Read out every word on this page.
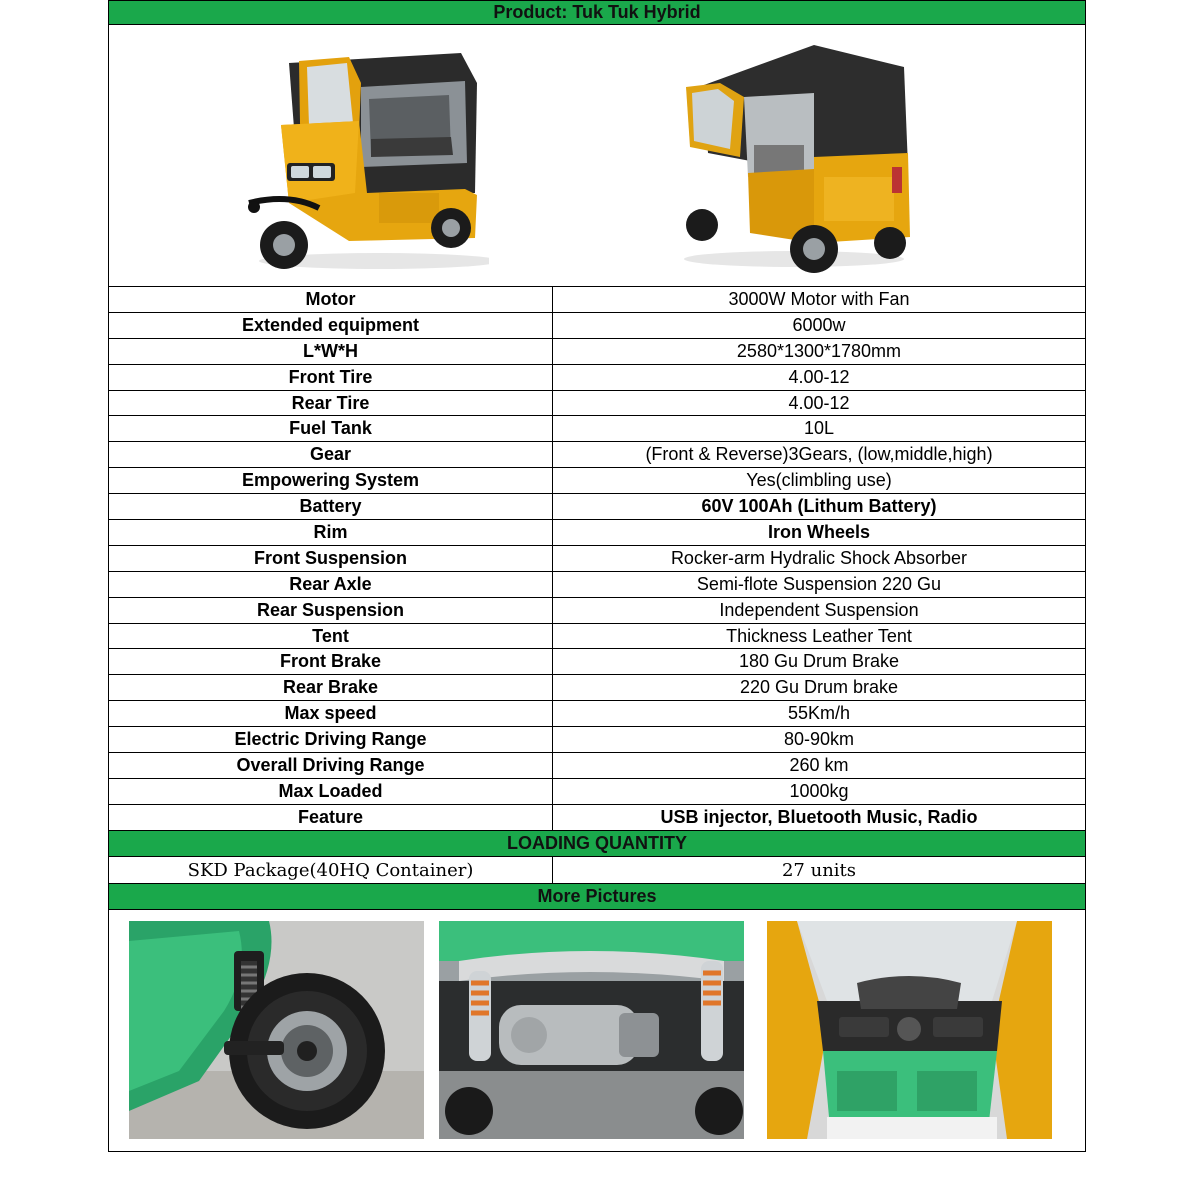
Product: Tuk Tuk Hybrid
Motor	3000W Motor with Fan
Extended equipment	6000w
L*W*H	2580*1300*1780mm
Front Tire	4.00-12
Rear Tire	4.00-12
Fuel Tank	10L
Gear	(Front & Reverse)3Gears, (low,middle,high)
Empowering System	Yes(climbling use)
Battery	60V 100Ah (Lithum Battery)
Rim	Iron Wheels
Front Suspension	Rocker-arm Hydralic Shock Absorber
Rear Axle	Semi-flote Suspension 220 Gu
Rear Suspension	Independent Suspension
Tent	Thickness Leather Tent
Front Brake	180 Gu Drum Brake
Rear Brake	220 Gu Drum brake
Max speed	55Km/h
Electric Driving Range	80-90km
Overall Driving Range	260 km
Max Loaded	1000kg
Feature	USB injector, Bluetooth Music, Radio
LOADING QUANTITY
SKD Package(40HQ Container)	27 units
More Pictures
